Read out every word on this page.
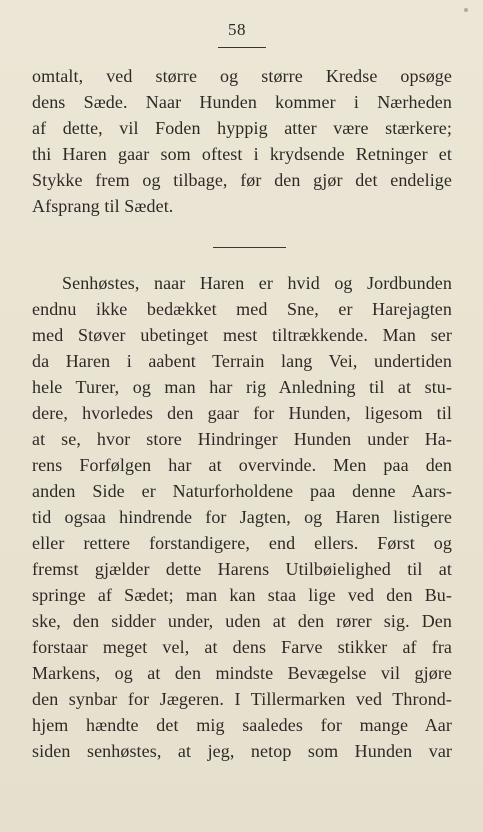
58
omtalt, ved større og større Kredse opsøge
dens Sæde. Naar Hunden kommer i Nærheden
af dette, vil Foden hyppig atter være stærkere;
thi Haren gaar som oftest i krydsende Retninger et
Stykke frem og tilbage, før den gjør det endelige
Afsprang til Sædet.
Senhøstes, naar Haren er hvid og Jordbunden
endnu ikke bedækket med Sne, er Harejagten
med Støver ubetinget mest tiltrækkende. Man ser
da Haren i aabent Terrain lang Vei, undertiden
hele Turer, og man har rig Anledning til at stu-
dere, hvorledes den gaar for Hunden, ligesom til
at se, hvor store Hindringer Hunden under Ha-
rens Forfølgen har at overvinde. Men paa den
anden Side er Naturforholdene paa denne Aars-
tid ogsaa hindrende for Jagten, og Haren listigere
eller rettere forstandigere, end ellers. Først og
fremst gjælder dette Harens Utilbøielighed til at
springe af Sædet; man kan staa lige ved den Bu-
ske, den sidder under, uden at den rører sig. Den
forstaar meget vel, at dens Farve stikker af fra
Markens, og at den mindste Bevægelse vil gjøre
den synbar for Jægeren. I Tillermarken ved Thrond-
hjem hændte det mig saaledes for mange Aar
siden senhøstes, at jeg, netop som Hunden var
